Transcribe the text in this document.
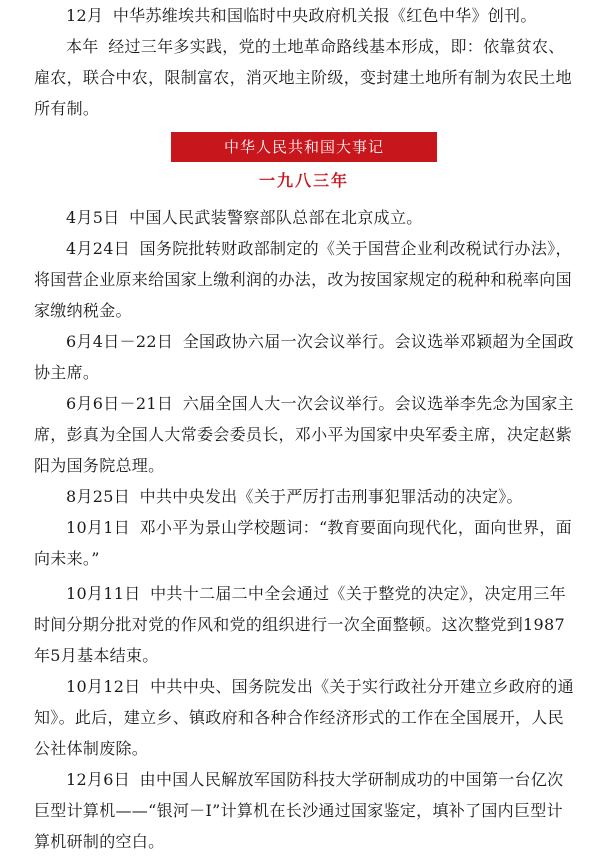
12月 中华苏维埃共和国临时中央政府机关报《红色中华》创刊。

本年 经过三年多实践，党的土地革命路线基本形成，即：依靠贫农、雇农，联合中农，限制富农，消灭地主阶级，变封建土地所有制为农民土地所有制。

中华人民共和国大事记
一九八三年

4月5日 中国人民武装警察部队总部在北京成立。

4月24日 国务院批转财政部制定的《关于国营企业利改税试行办法》，将国营企业原来给国家上缴利润的办法，改为按国家规定的税种和税率向国家缴纳税金。

6月4日－22日 全国政协六届一次会议举行。会议选举邓颖超为全国政协主席。

6月6日－21日 六届全国人大一次会议举行。会议选举李先念为国家主席，彭真为全国人大常委会委员长，邓小平为国家中央军委主席，决定赵紫阳为国务院总理。

8月25日 中共中央发出《关于严厉打击刑事犯罪活动的决定》。

10月1日 邓小平为景山学校题词：“教育要面向现代化，面向世界，面向未来。”

10月11日 中共十二届二中全会通过《关于整党的决定》，决定用三年时间分期分批对党的作风和党的组织进行一次全面整顿。这次整党到1987年5月基本结束。

10月12日 中共中央、国务院发出《关于实行政社分开建立乡政府的通知》。此后，建立乡、镇政府和各种合作经济形式的工作在全国展开，人民公社体制废除。

12月6日 由中国人民解放军国防科技大学研制成功的中国第一台亿次巨型计算机——“银河－I”计算机在长沙通过国家鉴定，填补了国内巨型计算机研制的空白。
